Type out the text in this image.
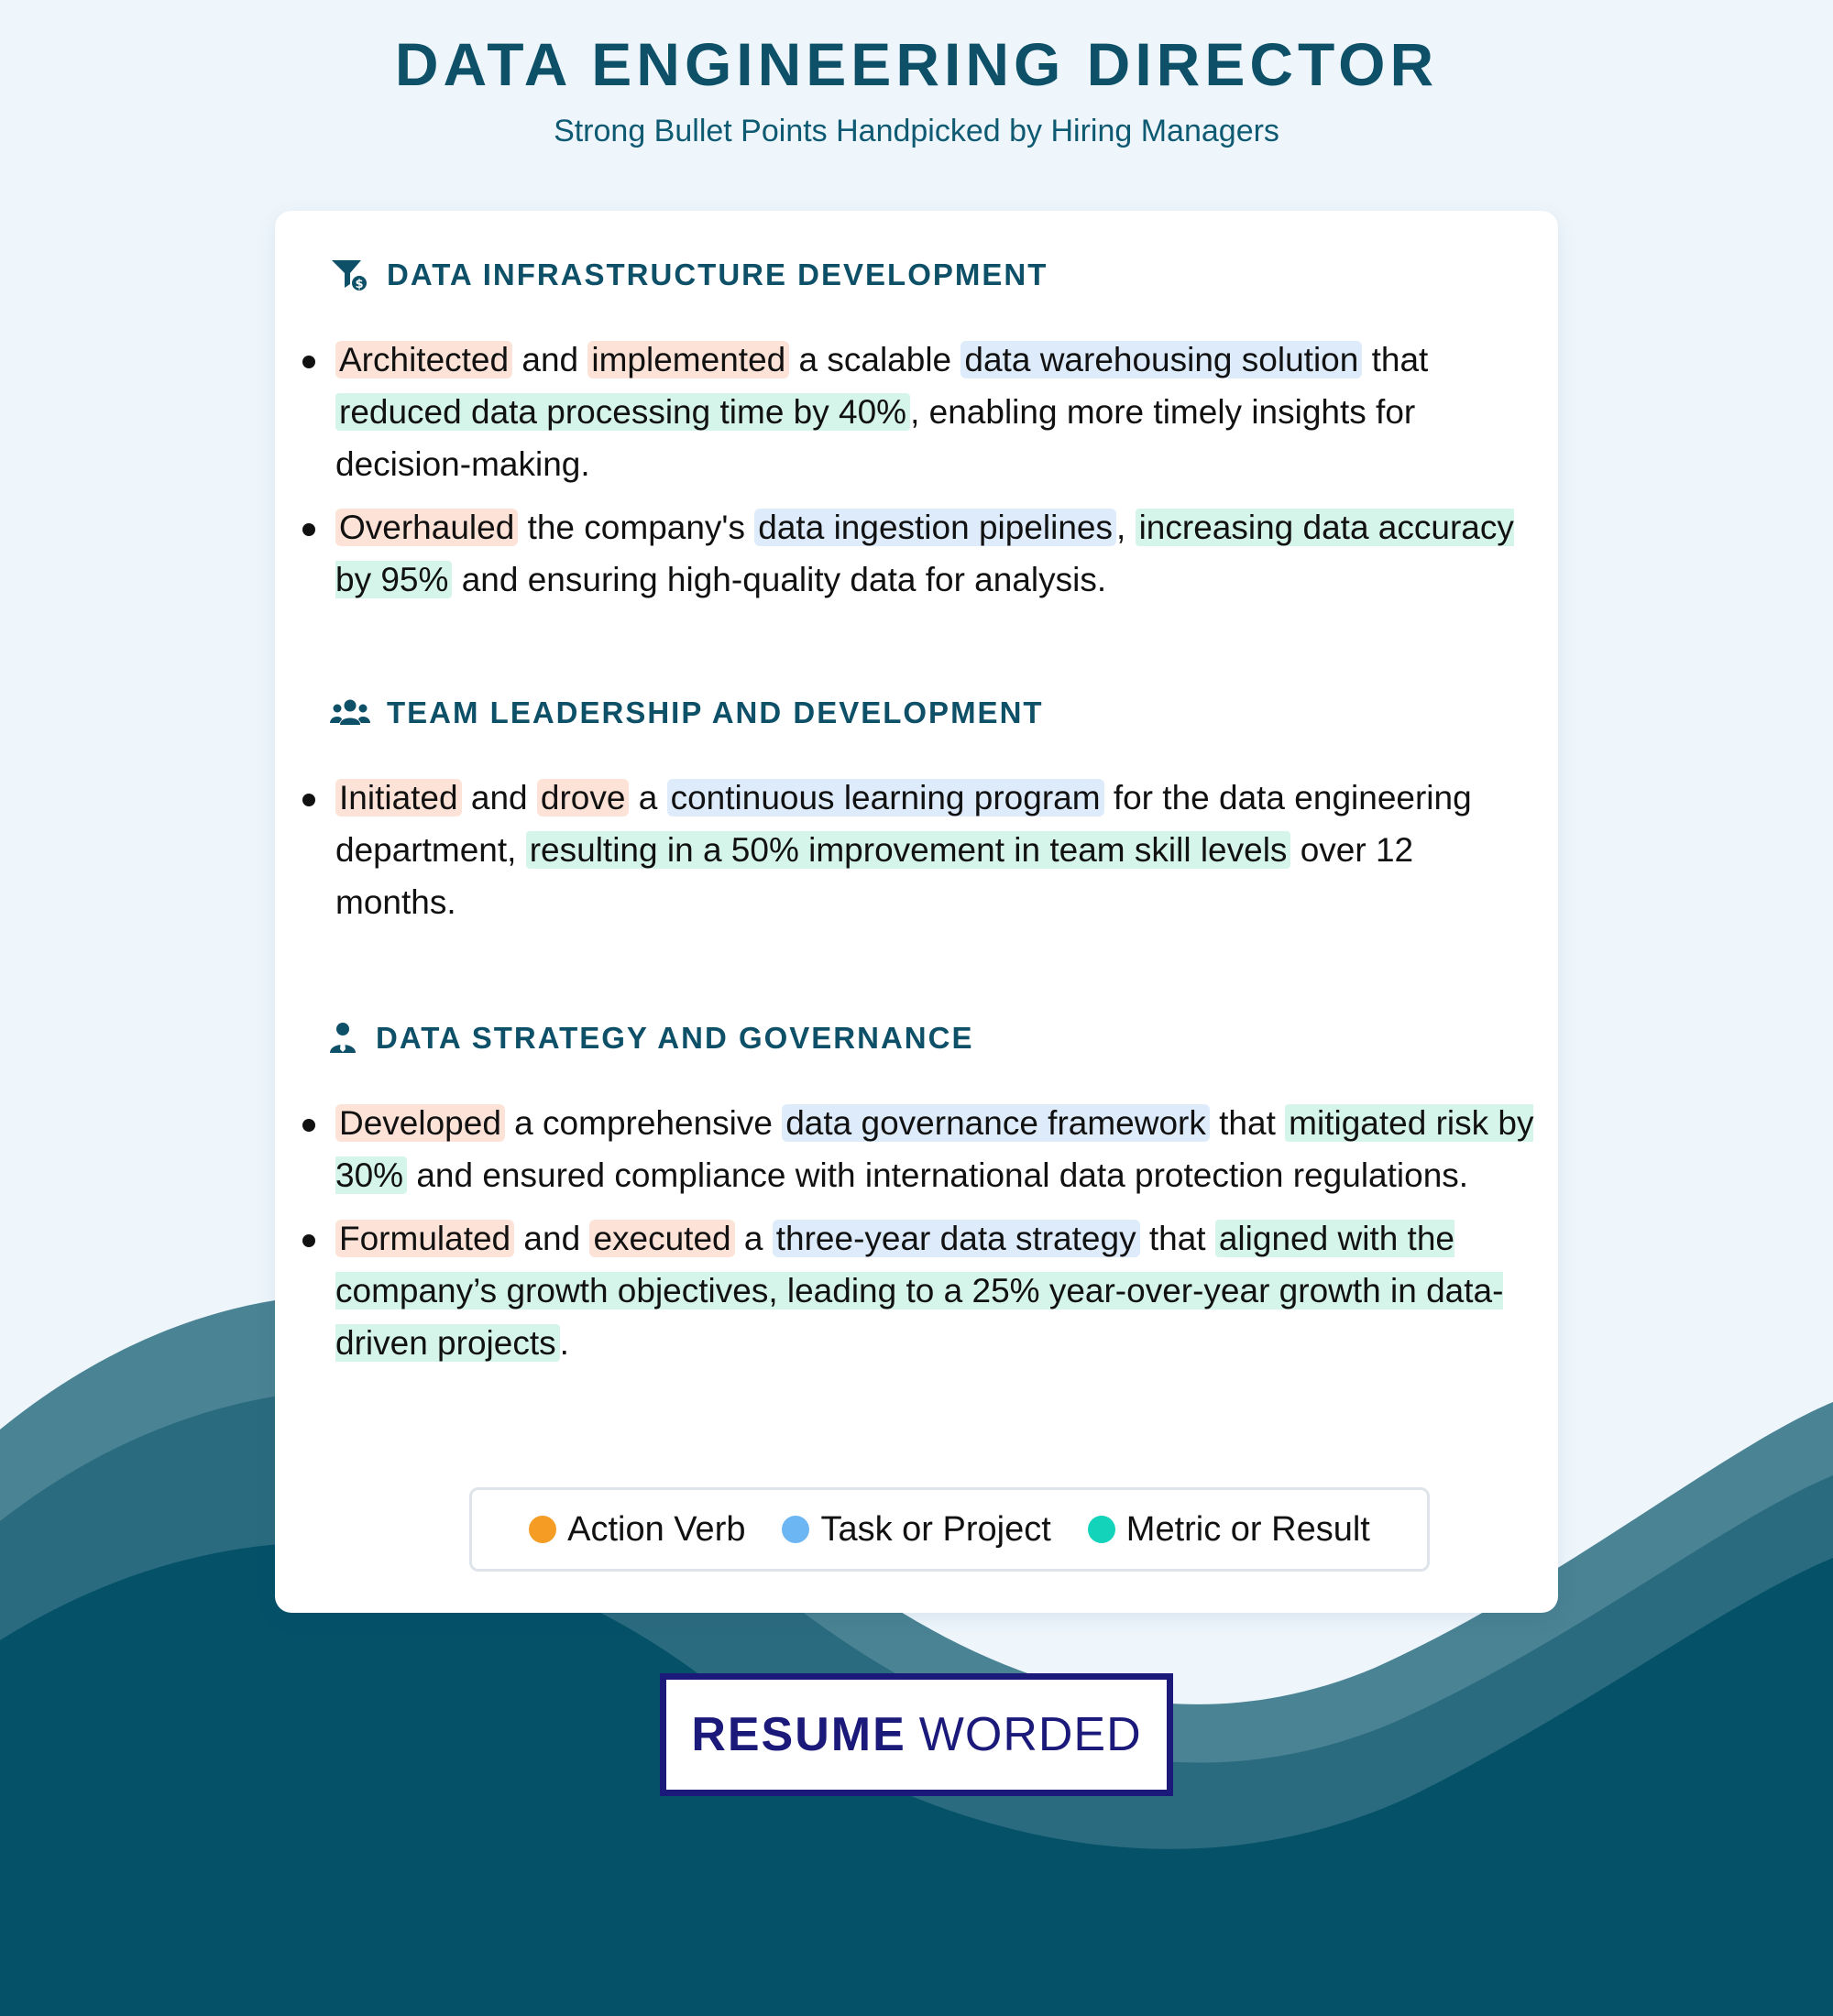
DATA ENGINEERING DIRECTOR
Strong Bullet Points Handpicked by Hiring Managers
$ DATA INFRASTRUCTURE DEVELOPMENT
Architected and implemented a scalable data warehousing solution that reduced data processing time by 40% , enabling more timely insights for decision-making.
Overhauled the company's data ingestion pipelines , increasing data accuracy by 95% and ensuring high-quality data for analysis.
TEAM LEADERSHIP AND DEVELOPMENT
Initiated and drove a continuous learning program for the data engineering department, resulting in a 50% improvement in team skill levels over 12 months.
DATA STRATEGY AND GOVERNANCE
Developed a comprehensive data governance framework that mitigated risk by 30% and ensured compliance with international data protection regulations.
Formulated and executed a three-year data strategy that aligned with the company’s growth objectives, leading to a 25% year-over-year growth in data-driven projects .
Action Verb Task or Project Metric or Result
RESUME WORDED
